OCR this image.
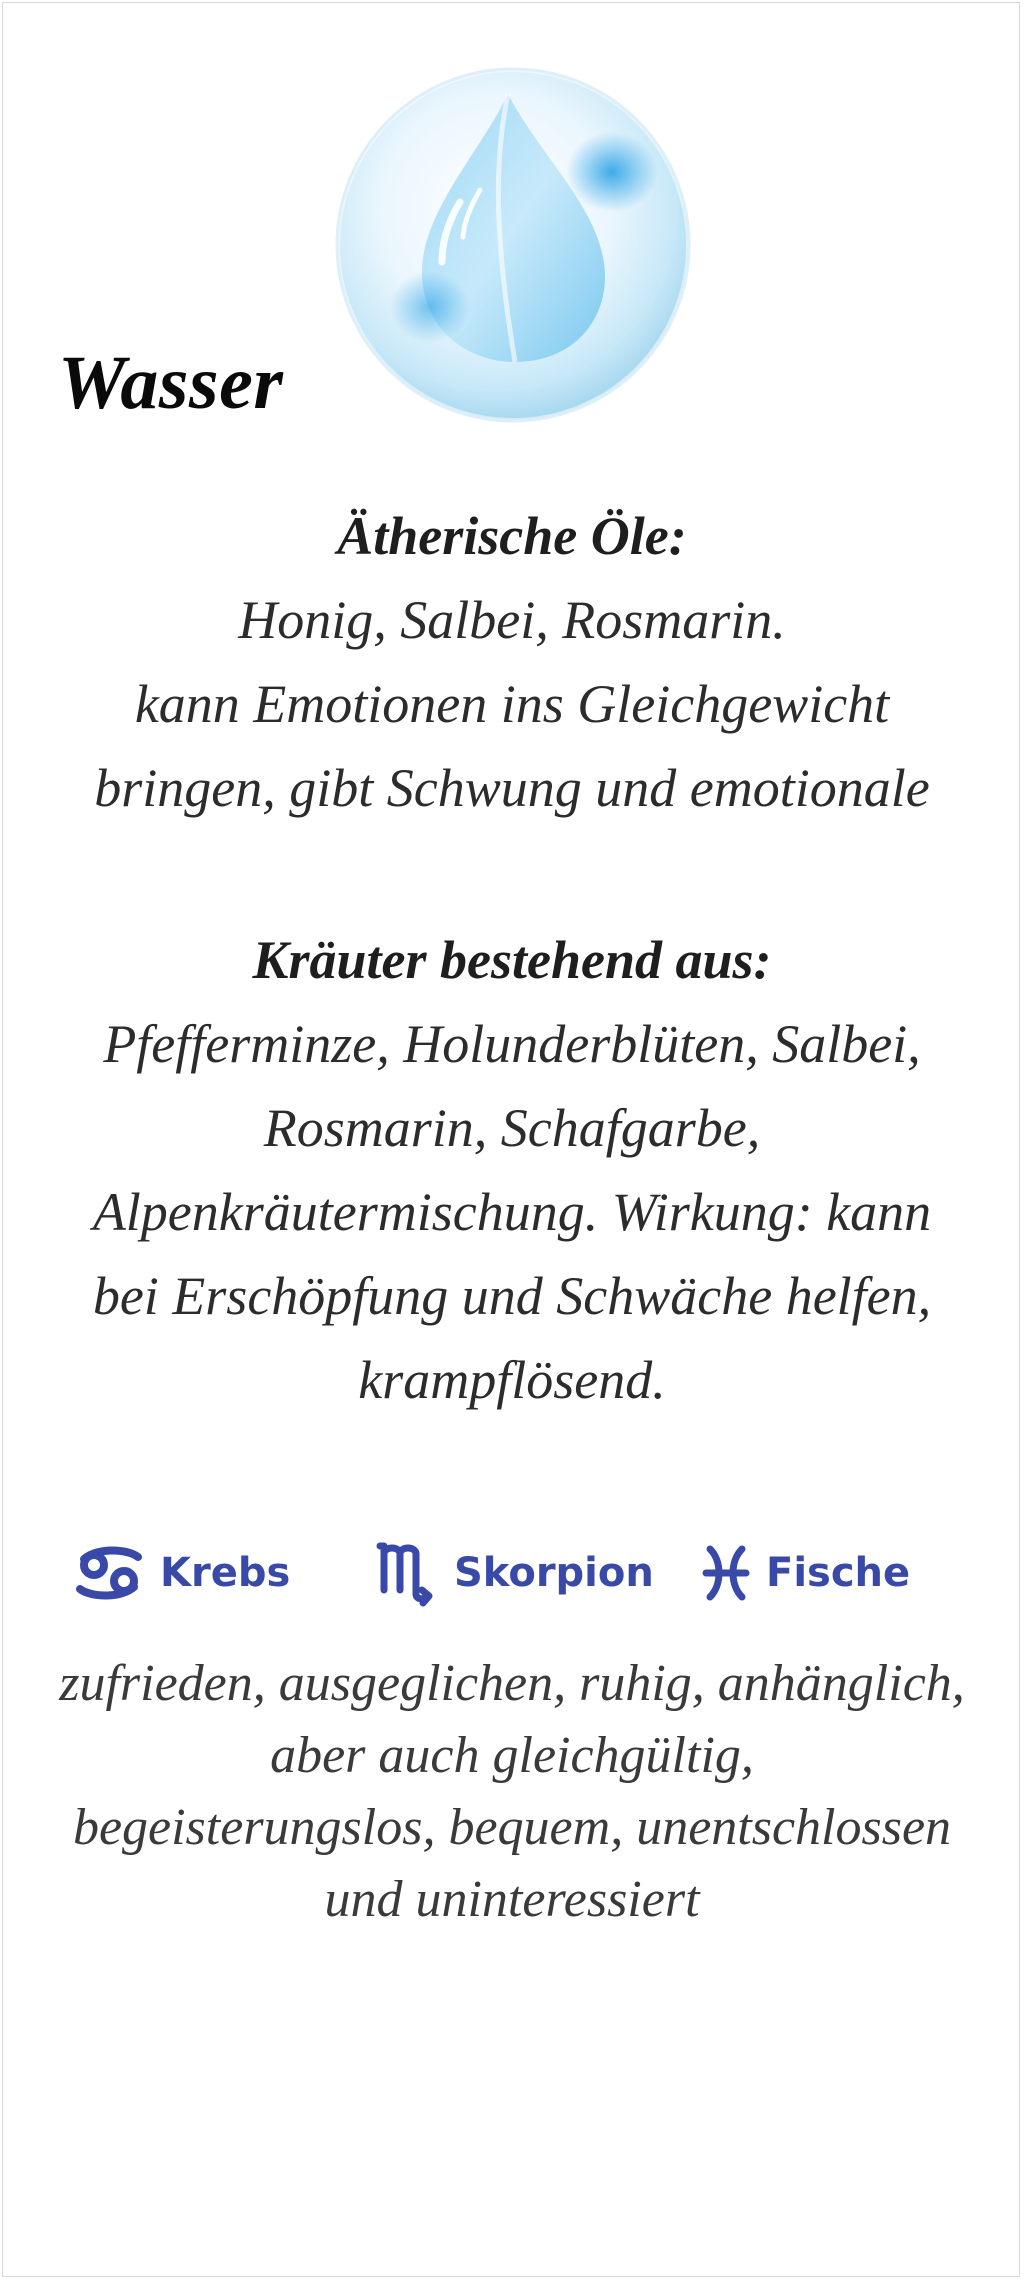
Wasser
Ätherische Öle:
Honig, Salbei, Rosmarin.
kann Emotionen ins Gleichgewicht
bringen, gibt Schwung und emotionale
Kräuter bestehend aus:
Pfefferminze, Holunderblüten, Salbei,
Rosmarin, Schafgarbe,
Alpenkräutermischung. Wirkung: kann
bei Erschöpfung und Schwäche helfen,
krampflösend.
Krebs	Skorpion	Fische
zufrieden, ausgeglichen, ruhig, anhänglich,
aber auch gleichgültig,
begeisterungslos, bequem, unentschlossen
und uninteressiert
